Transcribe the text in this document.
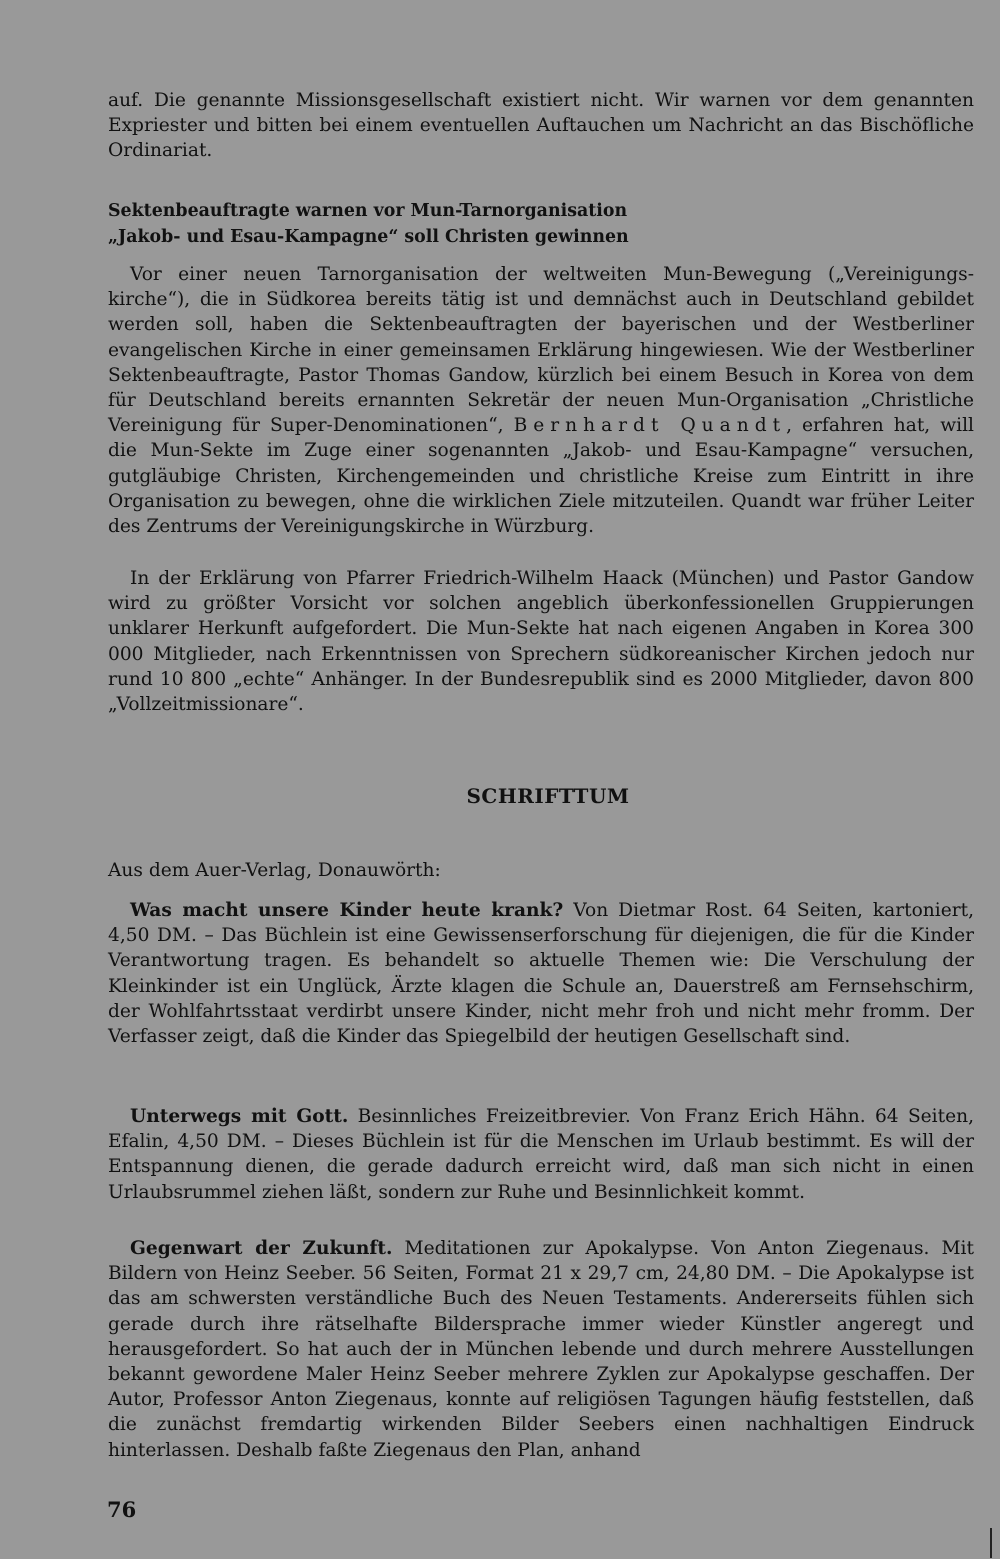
auf. Die genannte Missionsgesellschaft existiert nicht. Wir warnen vor dem genannten Expriester und bitten bei einem eventuellen Auftauchen um Nachricht an das Bischöfliche Ordinariat.

Sektenbeauftragte warnen vor Mun-Tarnorganisation
„Jakob- und Esau-Kampagne“ soll Christen gewinnen

Vor einer neuen Tarnorganisation der weltweiten Mun-Bewegung („Vereinigungskirche“), die in Südkorea bereits tätig ist und demnächst auch in Deutschland gebildet werden soll, haben die Sektenbeauftragten der bayerischen und der Westberliner evangelischen Kirche in einer gemeinsamen Erklärung hingewiesen. Wie der Westberliner Sektenbeauftragte, Pastor Thomas Gandow, kürzlich bei einem Besuch in Korea von dem für Deutschland bereits ernannten Sekretär der neuen Mun-Organisation „Christliche Vereinigung für Super-Denominationen“, Bernhardt Quandt, erfahren hat, will die Mun-Sekte im Zuge einer sogenannten „Jakob- und Esau-Kampagne“ versuchen, gutgläubige Christen, Kirchengemeinden und christliche Kreise zum Eintritt in ihre Organisation zu bewegen, ohne die wirklichen Ziele mitzuteilen. Quandt war früher Leiter des Zentrums der Vereinigungskirche in Würzburg.

In der Erklärung von Pfarrer Friedrich-Wilhelm Haack (München) und Pastor Gandow wird zu größter Vorsicht vor solchen angeblich überkonfessionellen Gruppierungen unklarer Herkunft aufgefordert. Die Mun-Sekte hat nach eigenen Angaben in Korea 300 000 Mitglieder, nach Erkenntnissen von Sprechern südkoreanischer Kirchen jedoch nur rund 10 800 „echte“ Anhänger. In der Bundesrepublik sind es 2000 Mitglieder, davon 800 „Vollzeitmissionare“.

SCHRIFTTUM

Aus dem Auer-Verlag, Donauwörth:

Was macht unsere Kinder heute krank? Von Dietmar Rost. 64 Seiten, kartoniert, 4,50 DM. – Das Büchlein ist eine Gewissenserforschung für diejenigen, die für die Kinder Verantwortung tragen. Es behandelt so aktuelle Themen wie: Die Verschulung der Kleinkinder ist ein Unglück, Ärzte klagen die Schule an, Dauerstreß am Fernsehschirm, der Wohlfahrtsstaat verdirbt unsere Kinder, nicht mehr froh und nicht mehr fromm. Der Verfasser zeigt, daß die Kinder das Spiegelbild der heutigen Gesellschaft sind.

Unterwegs mit Gott. Besinnliches Freizeitbrevier. Von Franz Erich Hähn. 64 Seiten, Efalin, 4,50 DM. – Dieses Büchlein ist für die Menschen im Urlaub bestimmt. Es will der Entspannung dienen, die gerade dadurch erreicht wird, daß man sich nicht in einen Urlaubsrummel ziehen läßt, sondern zur Ruhe und Besinnlichkeit kommt.

Gegenwart der Zukunft. Meditationen zur Apokalypse. Von Anton Ziegenaus. Mit Bildern von Heinz Seeber. 56 Seiten, Format 21 x 29,7 cm, 24,80 DM. – Die Apokalypse ist das am schwersten verständliche Buch des Neuen Testaments. Andererseits fühlen sich gerade durch ihre rätselhafte Bildersprache immer wieder Künstler angeregt und herausgefordert. So hat auch der in München lebende und durch mehrere Ausstellungen bekannt gewordene Maler Heinz Seeber mehrere Zyklen zur Apokalypse geschaffen. Der Autor, Professor Anton Ziegenaus, konnte auf religiösen Tagungen häufig feststellen, daß die zunächst fremdartig wirkenden Bilder Seebers einen nachhaltigen Eindruck hinterlassen. Deshalb faßte Ziegenaus den Plan, anhand

76
